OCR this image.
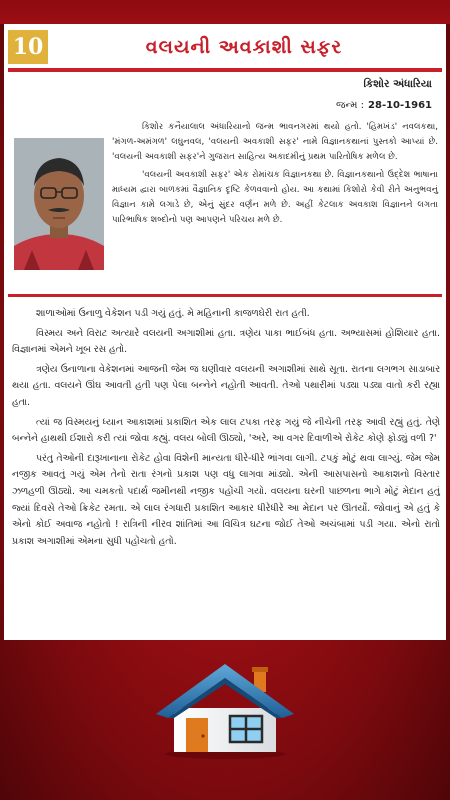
10	વલયની અવકાશી સફર
કિશોર અંધારિયા
જન્મ : 28-10-1961

કિશોર કનૈયાલાલ અંધારિયાનો જન્મ ભાવનગરમાં થયો હતો. 'હિમખંડ' નવલકથા, 'મંગળ-અમંગળ' લઘુનવલ, 'વલયની અવકાશી સફર' નામે વિજ્ઞાનકથાનાં પુસ્તકો આપ્યાં છે. 'વલયની અવકાશી સફર'ને ગુજરાત સાહિત્ય અકાદમીનું પ્રથમ પારિતોષિક મળેલ છે.

'વલયની અવકાશી સફર' એક રોમાંચક વિજ્ઞાનકથા છે. વિજ્ઞાનકથાનો ઉદ્દેશ ભાષાના માધ્યમ દ્વારા બાળકમાં વૈજ્ઞાનિક દૃષ્ટિ કેળવવાનો હોય. આ કથામાં કિશોરો કેવી રીતે અનુભવનું વિજ્ઞાન કામે લગાડે છે, એનું સુંદર વર્ણન મળે છે. અહીં કેટલાક અવકાશ વિજ્ઞાનને લગતા પારિભાષિક શબ્દોનો પણ આપણને પરિચય મળે છે.

શાળાઓમાં ઉનાળુ વેકેશન પડી ગયું હતું. મે મહિનાની કાજળઘેરી રાત હતી.

વિસ્મય અને વિરાટ અત્યારે વલયની અગાશીમાં હતા. ત્રણેય પાકા ભાઈબંધ હતા. અભ્યાસમાં હોશિયાર હતા. વિજ્ઞાનમાં એમને ખૂબ રસ હતો.

ત્રણેય ઉનાળાના વેકેશનમાં આજની જેમ જ ઘણીવાર વલયની અગાશીમાં સાથે સૂતા. રાતના લગભગ સાડાબાર થયા હતા. વલયને ઊંઘ આવતી હતી પણ પેલા બન્નેને નહોતી આવતી. તેઓ પથારીમાં પડ્યા પડ્યા વાતો કરી રહ્યા હતા.

ત્યાં જ વિસ્મયનું ધ્યાન આકાશમાં પ્રકાશિત એક લાલ ટપકા તરફ ગયું જે નીચેની તરફ આવી રહ્યું હતું. તેણે બન્નેને હાથથી ઈશારો કરી ત્યાં જોવા કહ્યું. વલય બોલી ઊઠ્યો, 'અરે, આ વગર દિવાળીએ રોકેટ કોણે ફોડ્યું વળી ?'

પરંતુ તેઓની દારૂખાનાના રોકેટ હોવા વિશેની માન્યતા ધીરે-ધીરે ભાંગવા લાગી. ટપકું મોટું થવા લાગ્યું. જેમ જેમ નજીક આવતું ગયું એમ તેનો રાતા રંગનો પ્રકાશ પણ વધુ લાગવા માંડ્યો. એની આસપાસનો આકાશનો વિસ્તાર ઝળહળી ઊઠ્યો. આ ચમકતો પદાર્થ જમીનથી નજીક પહોંચી ગયો. વલયના ઘરની પાછળના ભાગે મોટું મેદાન હતું જ્યાં દિવસે તેઓ ક્રિકેટ રમતા. એ લાલ રંગધારી પ્રકાશિત આકાર ધીરેધીરે આ મેદાન પર ઊતર્યો. જોવાનું એ હતું કે એનો કોઈ અવાજ નહોતો ! રાત્રિની નીરવ શાંતિમાં આ વિચિત્ર ઘટના જોઈ તેઓ અચંબામાં પડી ગયા. એનો રાતો પ્રકાશ અગાશીમાં એમના સુધી પહોંચતો હતો.
